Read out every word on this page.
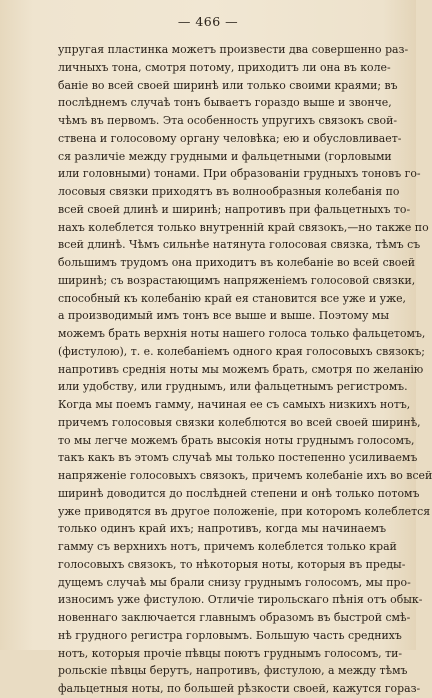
— 466 —
упругая пластинка можетъ произвести два совершенно раз-
личныхъ тона, смотря потому, приходитъ ли она въ коле-
баніе во всей своей ширинѣ или только своими краями; въ
послѣднемъ случаѣ тонъ бываетъ гораздо выше и звонче,
чѣмъ въ первомъ. Эта особенность упругихъ связокъ свой-
ствена и голосовому органу человѣка; ею и обусловливает-
ся различіе между грудными и фальцетными (горловыми
или головными) тонами. При образованіи грудныхъ тоновъ го-
лосовыя связки приходятъ въ волнообразныя колебанія по
всей своей длинѣ и ширинѣ; напротивъ при фальцетныхъ то-
нахъ колеблется только внутренній край связокъ,—но также по
всей длинѣ. Чѣмъ сильнѣе натянута голосовая связка, тѣмъ съ
большимъ трудомъ она приходитъ въ колебаніе во всей своей
ширинѣ; съ возрастающимъ напряженіемъ голосовой связки,
способный къ колебанію край ея становится все уже и уже,
а производимый имъ тонъ все выше и выше. Поэтому мы
можемъ брать верхнія ноты нашего голоса только фальцетомъ,
(фистулою), т. е. колебаніемъ одного края голосовыхъ связокъ;
напротивъ среднія ноты мы можемъ брать, смотря по желанію
или удобству, или груднымъ, или фальцетнымъ регистромъ.
Когда мы поемъ гамму, начиная ее съ самыхъ низкихъ нотъ,
причемъ голосовыя связки колеблются во всей своей ширинѣ,
то мы легче можемъ брать высокія ноты груднымъ голосомъ,
такъ какъ въ этомъ случаѣ мы только постепенно усиливаемъ
напряженіе голосовыхъ связокъ, причемъ колебаніе ихъ во всей
ширинѣ доводится до послѣдней степени и онѣ только потомъ
уже приводятся въ другое положеніе, при которомъ колеблется
только одинъ край ихъ; напротивъ, когда мы начинаемъ
гамму съ верхнихъ нотъ, причемъ колеблется только край
голосовыхъ связокъ, то нѣкоторыя ноты, которыя въ преды-
дущемъ случаѣ мы брали снизу груднымъ голосомъ, мы про-
износимъ уже фистулою. Отличіе тирольскаго пѣнія отъ обык-
новеннаго заключается главнымъ образомъ въ быстрой смѣ-
нѣ грудного регистра горловымъ. Большую часть среднихъ
нотъ, которыя прочіе пѣвцы поютъ груднымъ голосомъ, ти-
рольскіе пѣвцы берутъ, напротивъ, фистулою, а между тѣмъ
фальцетныя ноты, по большей рѣзкости своей, кажутся гораз-
